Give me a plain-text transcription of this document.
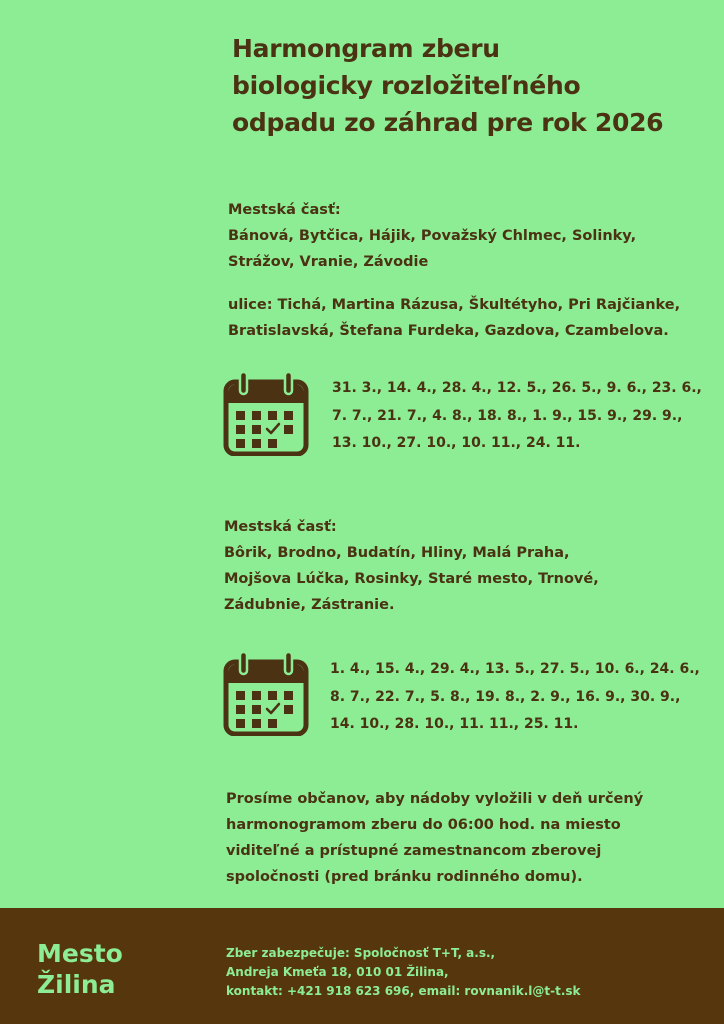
Harmongram zberu
biologicky rozložiteľného
odpadu zo záhrad pre rok 2026
Mestská časť:
Bánová, Bytčica, Hájik, Považský Chlmec, Solinky,
Strážov, Vranie, Závodie
ulice: Tichá, Martina Rázusa, Škultétyho, Pri Rajčianke,
Bratislavská, Štefana Furdeka, Gazdova, Czambelova.
31. 3., 14. 4., 28. 4., 12. 5., 26. 5., 9. 6., 23. 6.,
7. 7., 21. 7., 4. 8., 18. 8., 1. 9., 15. 9., 29. 9.,
13. 10., 27. 10., 10. 11., 24. 11.
Mestská časť:
Bôrik, Brodno, Budatín, Hliny, Malá Praha,
Mojšova Lúčka, Rosinky, Staré mesto, Trnové,
Zádubnie, Zástranie.
1. 4., 15. 4., 29. 4., 13. 5., 27. 5., 10. 6., 24. 6.,
8. 7., 22. 7., 5. 8., 19. 8., 2. 9., 16. 9., 30. 9.,
14. 10., 28. 10., 11. 11., 25. 11.
Prosíme občanov, aby nádoby vyložili v deň určený
harmonogramom zberu do 06:00 hod. na miesto
viditeľné a prístupné zamestnancom zberovej
spoločnosti (pred bránku rodinného domu).
Mesto
Žilina
Zber zabezpečuje: Spoločnosť T+T, a.s.,
Andreja Kmeťa 18, 010 01 Žilina,
kontakt: +421 918 623 696, email: rovnanik.l@t-t.sk
